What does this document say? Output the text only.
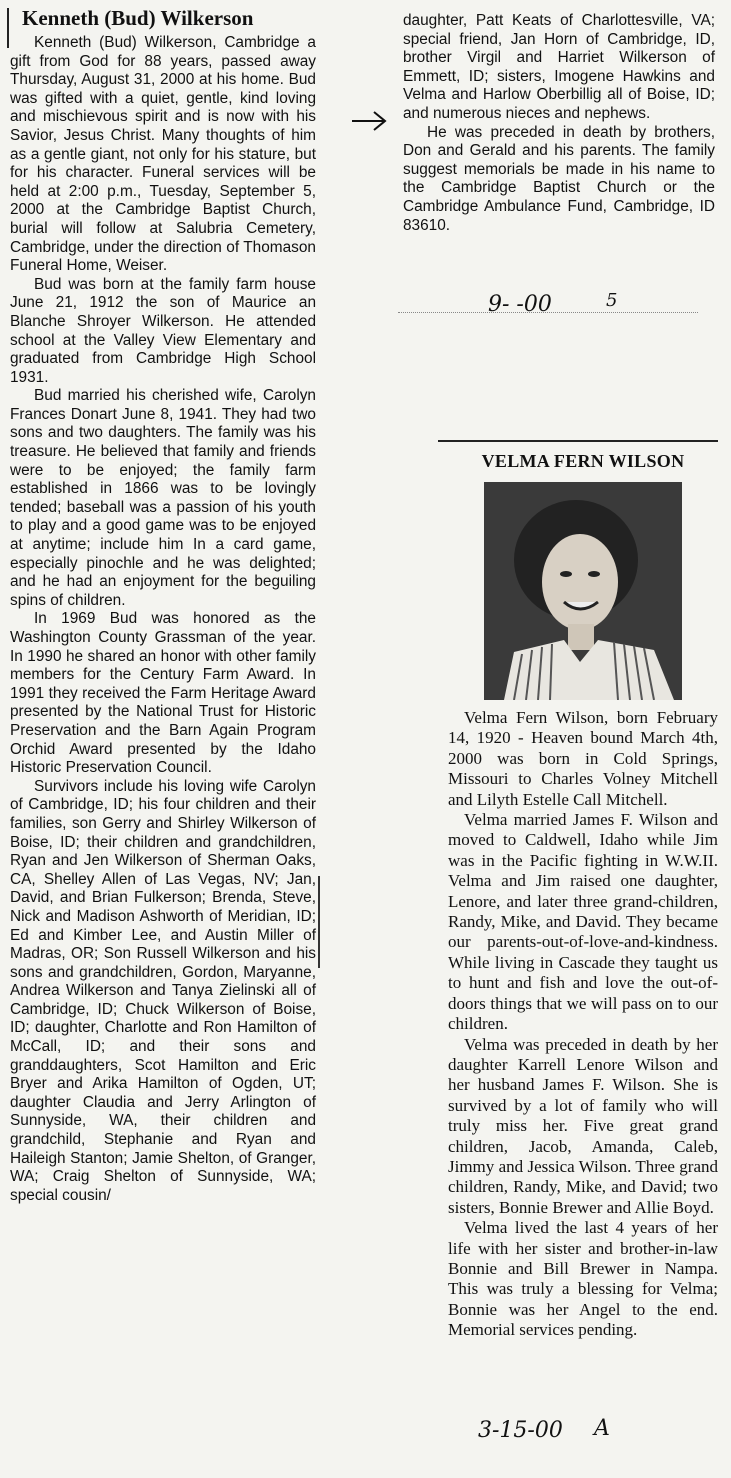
Kenneth (Bud) Wilkerson

Kenneth (Bud) Wilkerson, Cambridge a gift from God for 88 years, passed away Thursday, August 31, 2000 at his home. Bud was gifted with a quiet, gentle, kind loving and mischievous spirit and is now with his Savior, Jesus Christ. Many thoughts of him as a gentle giant, not only for his stature, but for his character. Funeral services will be held at 2:00 p.m., Tuesday, September 5, 2000 at the Cambridge Baptist Church, burial will follow at Salubria Cemetery, Cambridge, under the direction of Thomason Funeral Home, Weiser.

Bud was born at the family farm house June 21, 1912 the son of Maurice an Blanche Shroyer Wilkerson. He attended school at the Valley View Elementary and graduated from Cambridge High School 1931.

Bud married his cherished wife, Carolyn Frances Donart June 8, 1941. They had two sons and two daughters. The family was his treasure. He believed that family and friends were to be enjoyed; the family farm established in 1866 was to be lovingly tended; baseball was a passion of his youth to play and a good game was to be enjoyed at anytime; include him In a card game, especially pinochle and he was delighted; and he had an enjoyment for the beguiling spins of children.

In 1969 Bud was honored as the Washington County Grassman of the year. In 1990 he shared an honor with other family members for the Century Farm Award. In 1991 they received the Farm Heritage Award presented by the National Trust for Historic Preservation and the Barn Again Program Orchid Award presented by the Idaho Historic Preservation Council.

Survivors include his loving wife Carolyn of Cambridge, ID; his four children and their families, son Gerry and Shirley Wilkerson of Boise, ID; their children and grandchildren, Ryan and Jen Wilkerson of Sherman Oaks, CA, Shelley Allen of Las Vegas, NV; Jan, David, and Brian Fulkerson; Brenda, Steve, Nick and Madison Ashworth of Meridian, ID; Ed and Kimber Lee, and Austin Miller of Madras, OR; Son Russell Wilkerson and his sons and grandchildren, Gordon, Maryanne, Andrea Wilkerson and Tanya Zielinski all of Cambridge, ID; Chuck Wilkerson of Boise, ID; daughter, Charlotte and Ron Hamilton of McCall, ID; and their sons and granddaughters, Scot Hamilton and Eric Bryer and Arika Hamilton of Ogden, UT; daughter Claudia and Jerry Arlington of Sunnyside, WA, their children and grandchild, Stephanie and Ryan and Haileigh Stanton; Jamie Shelton, of Granger, WA; Craig Shelton of Sunnyside, WA; special cousin/

daughter, Patt Keats of Charlottesville, VA; special friend, Jan Horn of Cambridge, ID, brother Virgil and Harriet Wilkerson of Emmett, ID; sisters, Imogene Hawkins and Velma and Harlow Oberbillig all of Boise, ID; and numerous nieces and nephews.

He was preceded in death by brothers, Don and Gerald and his parents. The family suggest memorials be made in his name to the Cambridge Baptist Church or the Cambridge Ambulance Fund, Cambridge, ID 83610.

9- -00	5
VELMA FERN WILSON

Velma Fern Wilson, born February 14, 1920 - Heaven bound March 4th, 2000 was born in Cold Springs, Missouri to Charles Volney Mitchell and Lilyth Estelle Call Mitchell.

Velma married James F. Wilson and moved to Caldwell, Idaho while Jim was in the Pacific fighting in W.W.II. Velma and Jim raised one daughter, Lenore, and later three grand-children, Randy, Mike, and David. They became our parents-out-of-love-and-kindness. While living in Cascade they taught us to hunt and fish and love the out-of-doors things that we will pass on to our children.

Velma was preceded in death by her daughter Karrell Lenore Wilson and her husband James F. Wilson. She is survived by a lot of family who will truly miss her. Five great grand children, Jacob, Amanda, Caleb, Jimmy and Jessica Wilson. Three grand children, Randy, Mike, and David; two sisters, Bonnie Brewer and Allie Boyd.

Velma lived the last 4 years of her life with her sister and brother-in-law Bonnie and Bill Brewer in Nampa. This was truly a blessing for Velma; Bonnie was her Angel to the end. Memorial services pending.

3-15-00 A
